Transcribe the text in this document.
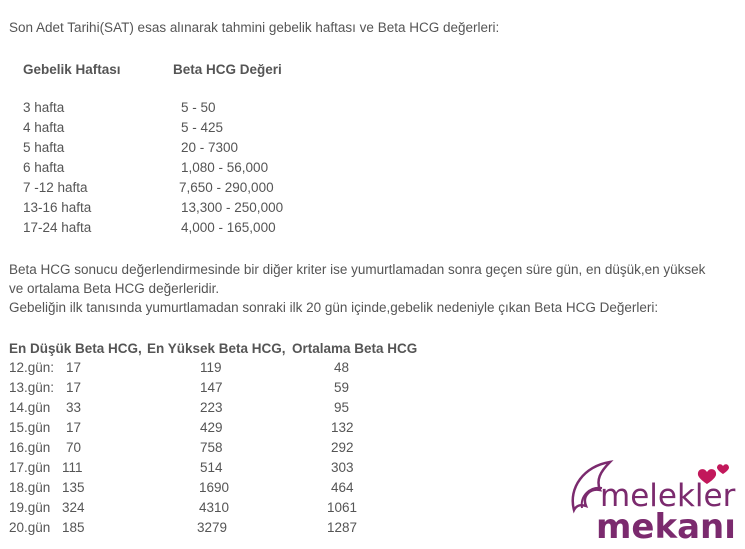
Son Adet Tarihi(SAT) esas alınarak tahmini gebelik haftası ve Beta HCG değerleri:
Gebelik Haftası	Beta HCG Değeri
3 hafta	5 - 50
4 hafta	5 - 425
5 hafta	20 - 7300
6 hafta	1,080 - 56,000
7 -12 hafta	7,650 - 290,000
13-16 hafta	13,300 - 250,000
17-24 hafta	4,000 - 165,000
Beta HCG sonucu değerlendirmesinde bir diğer kriter ise yumurtlamadan sonra geçen süre gün, en düşük,en yüksek
ve ortalama Beta HCG değerleridir.
Gebeliğin ilk tanısında yumurtlamadan sonraki ilk 20 gün içinde,gebelik nedeniyle çıkan Beta HCG Değerleri:
En Düşük Beta HCG, En Yüksek Beta HCG, Ortalama Beta HCG
12.gün: 17	119	48
13.gün: 17	147	59
14.gün 33	223	95
15.gün 17	429	132
16.gün 70	758	292
17.gün 111	514	303
18.gün 135	1690	464
19.gün 324	4310	1061
20.gün 185	3279	1287
melekler
mekanı
